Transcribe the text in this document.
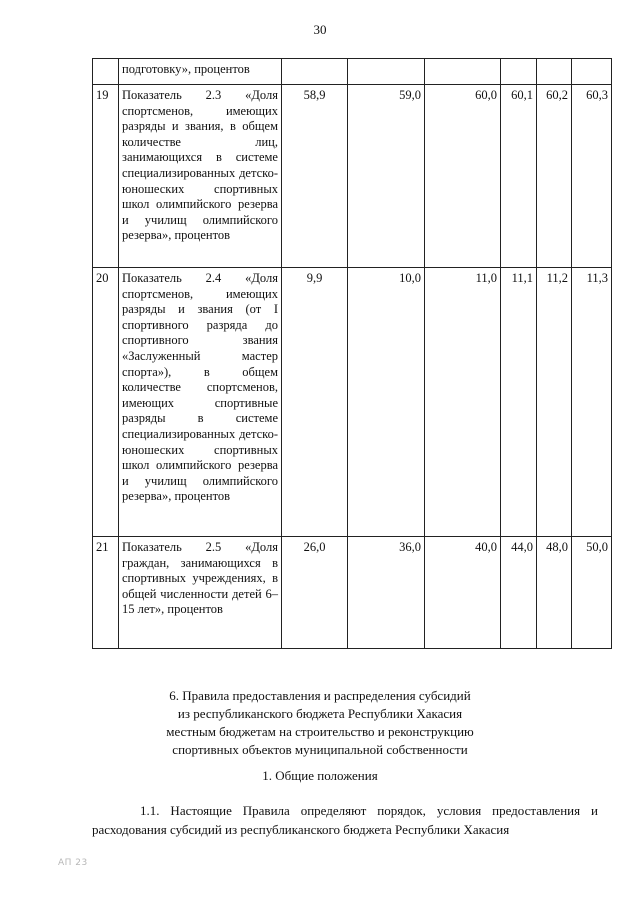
30
	подготовку», процентов						
19	Показатель 2.3 «Доля спортсменов, имеющих разряды и звания, в общем количестве лиц, занимающихся в системе специализированных детско-юношеских спортивных школ олимпийского резерва и училищ олимпийского резерва», процентов	58,9	59,0	60,0	60,1	60,2	60,3
20	Показатель 2.4 «Доля спортсменов, имеющих разряды и звания (от I спортивного разряда до спортивного звания «Заслуженный мастер спорта»), в общем количестве спортсменов, имеющих спортивные разряды в системе специализированных детско-юношеских спортивных школ олимпийского резерва и училищ олимпийского резерва», процентов	9,9	10,0	11,0	11,1	11,2	11,3
21	Показатель 2.5 «Доля граждан, занимающихся в спортивных учреждениях, в общей численности детей 6–15 лет», процентов	26,0	36,0	40,0	44,0	48,0	50,0
6. Правила предоставления и распределения субсидий
из республиканского бюджета Республики Хакасия
местным бюджетам на строительство и реконструкцию
спортивных объектов муниципальной собственности
1. Общие положения
1.1. Настоящие Правила определяют порядок, условия предоставления и расходования субсидий из республиканского бюджета Республики Хакасия
АП 23
